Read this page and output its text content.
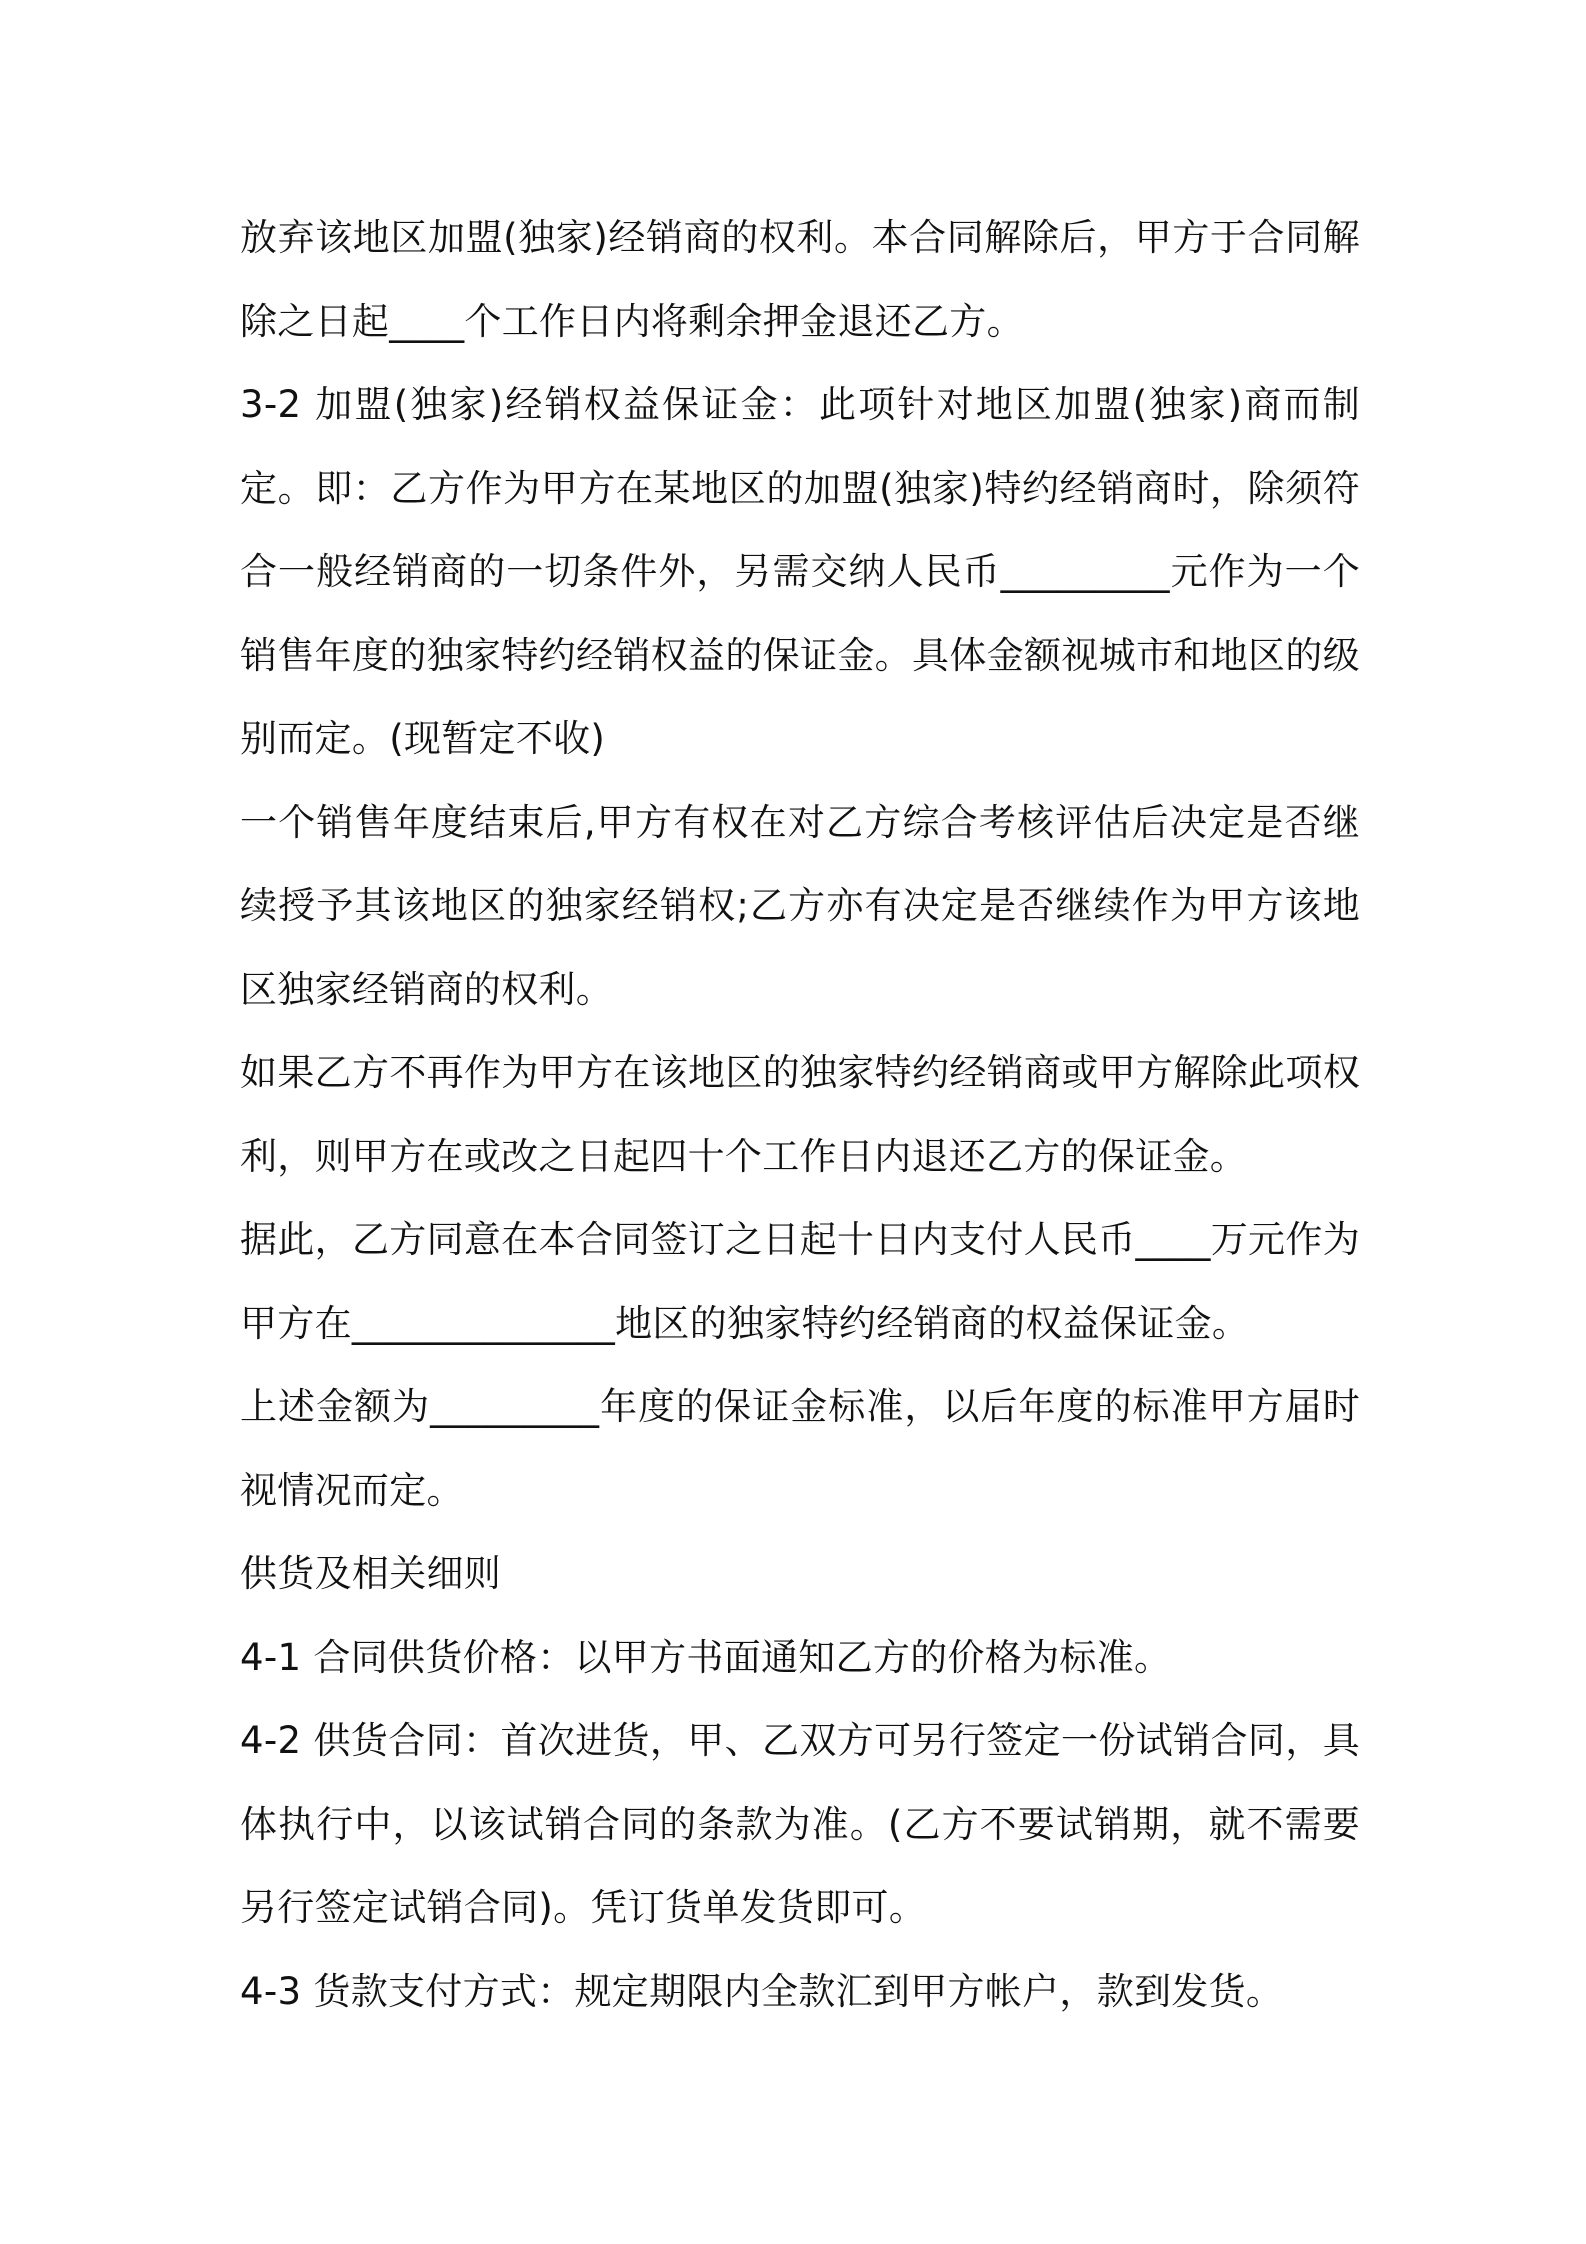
放弃该地区加盟(独家)经销商的权利。本合同解除后，甲方于合同解除之日起____个工作日内将剩余押金退还乙方。

3-2 加盟(独家)经销权益保证金：此项针对地区加盟(独家)商而制定。即：乙方作为甲方在某地区的加盟(独家)特约经销商时，除须符合一般经销商的一切条件外，另需交纳人民币_________元作为一个销售年度的独家特约经销权益的保证金。具体金额视城市和地区的级别而定。(现暂定不收)

一个销售年度结束后,甲方有权在对乙方综合考核评估后决定是否继续授予其该地区的独家经销权;乙方亦有决定是否继续作为甲方该地区独家经销商的权利。

如果乙方不再作为甲方在该地区的独家特约经销商或甲方解除此项权利，则甲方在或改之日起四十个工作日内退还乙方的保证金。

据此，乙方同意在本合同签订之日起十日内支付人民币____万元作为甲方在______________地区的独家特约经销商的权益保证金。

上述金额为_________年度的保证金标准，以后年度的标准甲方届时视情况而定。

供货及相关细则

4-1 合同供货价格：以甲方书面通知乙方的价格为标准。

4-2 供货合同：首次进货，甲、乙双方可另行签定一份试销合同，具体执行中，以该试销合同的条款为准。(乙方不要试销期，就不需要另行签定试销合同)。凭订货单发货即可。

4-3 货款支付方式：规定期限内全款汇到甲方帐户，款到发货。
